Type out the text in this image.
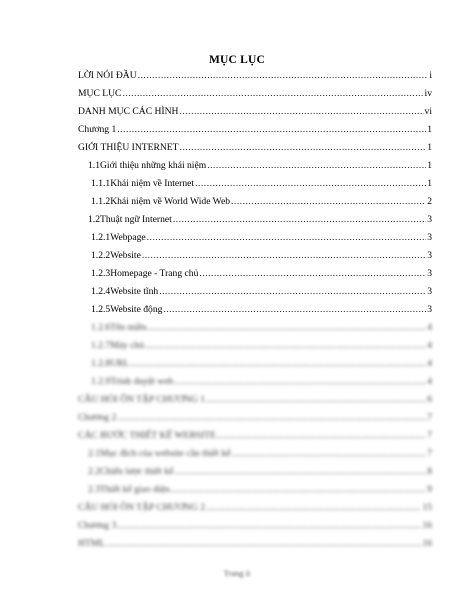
MỤC LỤC
LỜI NÓI ĐẦU .....	i
MỤC LỤC .....	iv
DANH MỤC CÁC HÌNH .....	vi
Chương 1 .....	1
GIỚI THIỆU INTERNET .....	1
1.1 Giới thiệu những khái niệm .....	1
1.1.1 Khái niệm về Internet .....	1
1.1.2 Khái niệm về World Wide Web .....	2
1.2 Thuật ngữ Internet .....	3
1.2.1 Webpage .....	3
1.2.2 Website .....	3
1.2.3 Homepage - Trang chủ .....	3
1.2.4 Website tĩnh .....	3
1.2.5 Website động .....	3
1.2.6 Tên miền .....	4
1.2.7 Máy chủ .....	4
1.2.8 URL .....	4
1.2.9 Trình duyệt web .....	4
CÂU HỎI ÔN TẬP CHƯƠNG 1 .....	6
Chương 2 .....	7
CÁC BƯỚC THIẾT KẾ WEBSITE .....	7
2.1 Mục đích của website cần thiết kế .....	7
2.2 Chiến lược thiết kế .....	8
2.3 Thiết kế giao diện .....	9
CÂU HỎI ÔN TẬP CHƯƠNG 2 .....	15
Chương 3 .....	16
HTML .....	16
Trang ii
